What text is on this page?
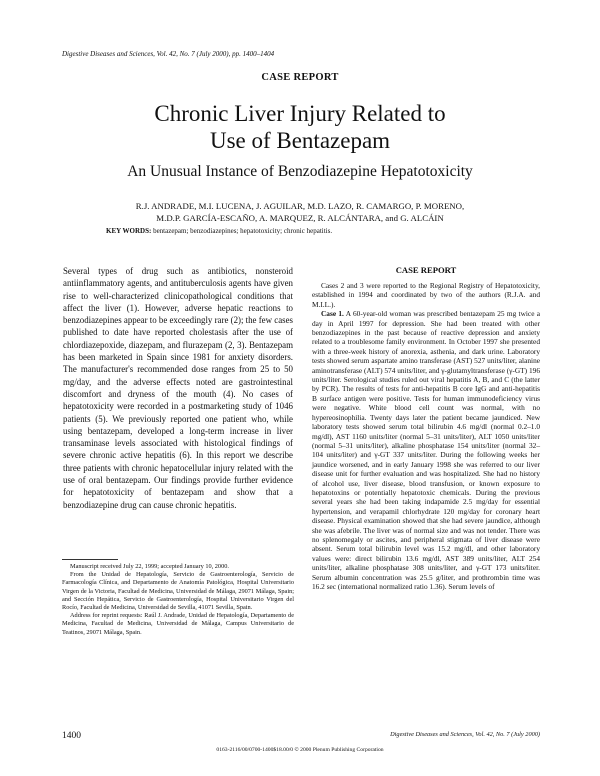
Digestive Diseases and Sciences, Vol. 42, No. 7 (July 2000), pp. 1400–1404
CASE REPORT
Chronic Liver Injury Related to
Use of Bentazepam
An Unusual Instance of Benzodiazepine Hepatotoxicity
R.J. ANDRADE, M.I. LUCENA, J. AGUILAR, M.D. LAZO, R. CAMARGO, P. MORENO,
M.D.P. GARCÍA-ESCAÑO, A. MARQUEZ, R. ALCÁNTARA, and G. ALCÁIN
KEY WORDS: bentazepam; benzodiazepines; hepatotoxicity; chronic hepatitis.

Several types of drug such as antibiotics, nonsteroid antiinflammatory agents, and antituberculosis agents have given rise to well-characterized clinicopathological conditions that affect the liver (1). However, adverse hepatic reactions to benzodiazepines appear to be exceedingly rare (2); the few cases published to date have reported cholestasis after the use of chlordiazepoxide, diazepam, and flurazepam (2, 3). Bentazepam has been marketed in Spain since 1981 for anxiety disorders. The manufacturer's recommended dose ranges from 25 to 50 mg/day, and the adverse effects noted are gastrointestinal discomfort and dryness of the mouth (4). No cases of hepatotoxicity were recorded in a postmarketing study of 1046 patients (5). We previously reported one patient who, while using bentazepam, developed a long-term increase in liver transaminase levels associated with histological findings of severe chronic active hepatitis (6). In this report we describe three patients with chronic hepatocellular injury related with the use of oral bentazepam. Our findings provide further evidence for hepatotoxicity of bentazepam and show that a benzodiazepine drug can cause chronic hepatitis.

CASE REPORT

Cases 2 and 3 were reported to the Regional Registry of Hepatotoxicity, established in 1994 and coordinated by two of the authors (R.J.A. and M.I.L.).

Case 1. A 60-year-old woman was prescribed bentazepam 25 mg twice a day in April 1997 for depression. She had been treated with other benzodiazepines in the past because of reactive depression and anxiety related to a troublesome family environment. In October 1997 she presented with a three-week history of anorexia, asthenia, and dark urine. Laboratory tests showed serum aspartate amino transferase (AST) 527 units/liter, alanine aminotransferase (ALT) 574 units/liter, and γ-glutamyltransferase (γ-GT) 196 units/liter. Serological studies ruled out viral hepatitis A, B, and C (the latter by PCR). The results of tests for anti-hepatitis B core IgG and anti-hepatitis B surface antigen were positive. Tests for human immunodeficiency virus were negative. White blood cell count was normal, with no hypereosinophilia. Twenty days later the patient became jaundiced. New laboratory tests showed serum total bilirubin 4.6 mg/dl (normal 0.2–1.0 mg/dl), AST 1160 units/liter (normal 5–31 units/liter), ALT 1050 units/liter (normal 5–31 units/liter), alkaline phosphatase 154 units/liter (normal 32–104 units/liter) and γ-GT 337 units/liter. During the following weeks her jaundice worsened, and in early January 1998 she was referred to our liver disease unit for further evaluation and was hospitalized. She had no history of alcohol use, liver disease, blood transfusion, or known exposure to hepatotoxins or potentially hepatotoxic chemicals. During the previous several years she had been taking indapamide 2.5 mg/day for essential hypertension, and verapamil chlorhydrate 120 mg/day for coronary heart disease. Physical examination showed that she had severe jaundice, although she was afebrile. The liver was of normal size and was not tender. There was no splenomegaly or ascites, and peripheral stigmata of liver disease were absent. Serum total bilirubin level was 15.2 mg/dl, and other laboratory values were: direct bilirubin 13.6 mg/dl, AST 389 units/liter, ALT 254 units/liter, alkaline phosphatase 308 units/liter, and γ-GT 173 units/liter. Serum albumin concentration was 25.5 g/liter, and prothrombin time was 16.2 sec (international normalized ratio 1.36). Serum levels of

Manuscript received July 22, 1999; accepted January 10, 2000.

From the Unidad de Hepatología, Servicio de Gastroenterología, Servicio de Farmacología Clínica, and Departamento de Anatomía Patológica, Hospital Universitario Virgen de la Victoria, Facultad de Medicina, Universidad de Málaga, 29071 Málaga, Spain; and Sección Hepática, Servicio de Gastroenterología, Hospital Universitario Virgen del Rocío, Facultad de Medicina, Universidad de Sevilla, 41071 Sevilla, Spain.

Address for reprint requests: Raúl J. Andrade, Unidad de Hepatología, Departamento de Medicina, Facultad de Medicina, Universidad de Málaga, Campus Universitario de Teatinos, 29071 Málaga, Spain.

1400	Digestive Diseases and Sciences, Vol. 42, No. 7 (July 2000)
0163-2116/00/0700-1400$18.00/0 © 2000 Plenum Publishing Corporation
